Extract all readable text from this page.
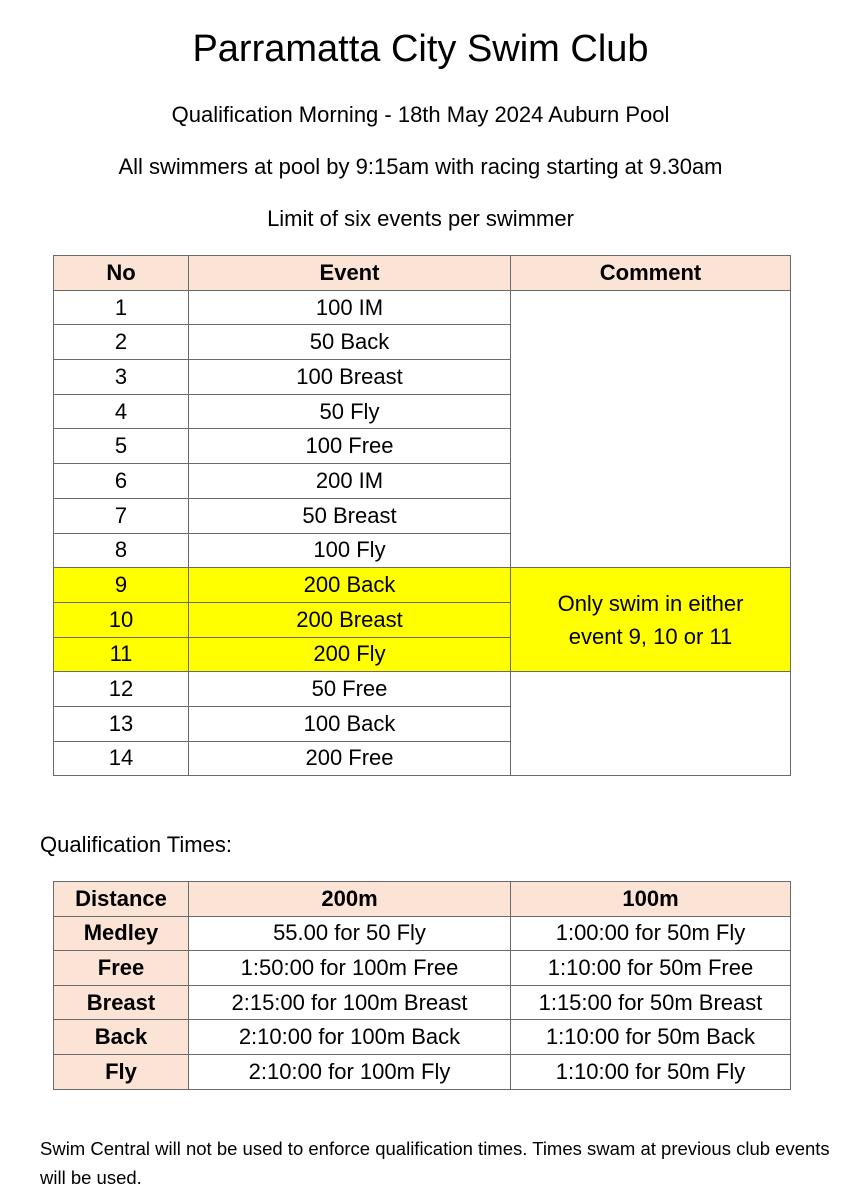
Parramatta City Swim Club
Qualification Morning - 18th May 2024 Auburn Pool
All swimmers at pool by 9:15am with racing starting at 9.30am
Limit of six events per swimmer
No	Event	Comment
1	100 IM	
2	50 Back	
3	100 Breast	
4	50 Fly	
5	100 Free	
6	200 IM	
7	50 Breast	
8	100 Fly	
9	200 Back	Only swim in either event 9, 10 or 11
10	200 Breast	
11	200 Fly	
12	50 Free	
13	100 Back	
14	200 Free	
Qualification Times:
Distance	200m	100m
Medley	55.00 for 50 Fly	1:00:00 for 50m Fly
Free	1:50:00 for 100m Free	1:10:00 for 50m Free
Breast	2:15:00 for 100m Breast	1:15:00 for 50m Breast
Back	2:10:00 for 100m Back	1:10:00 for 50m Back
Fly	2:10:00 for 100m Fly	1:10:00 for 50m Fly
Swim Central will not be used to enforce qualification times. Times swam at previous club events will be used.
